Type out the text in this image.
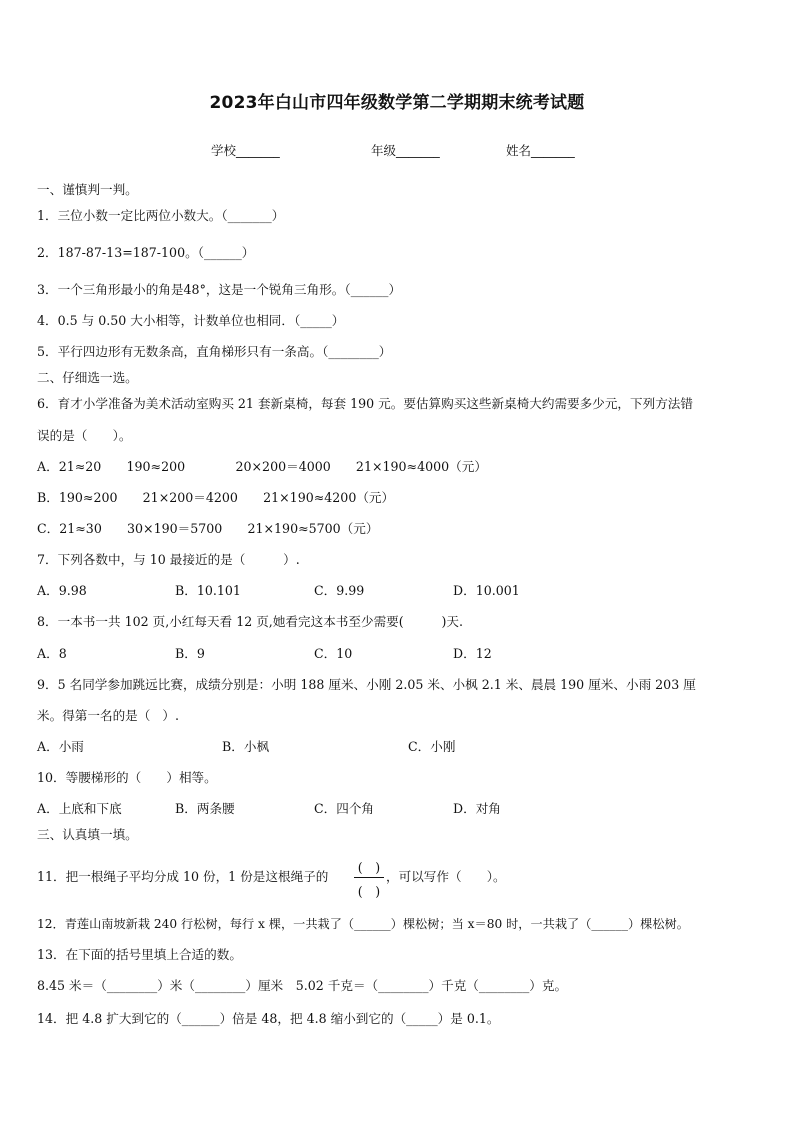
2023年白山市四年级数学第二学期期末统考试题
学校_______	年级_______	姓名_______
一、谨慎判一判。
1．三位小数一定比两位小数大。（_______）
2．187-87-13=187-100。（______）
3．一个三角形最小的角是48°，这是一个锐角三角形。（______）
4．0.5 与 0.50 大小相等，计数单位也相同．（_____）
5．平行四边形有无数条高，直角梯形只有一条高。（________）
二、仔细选一选。
6．育才小学准备为美术活动室购买 21 套新桌椅，每套 190 元。要估算购买这些新桌椅大约需要多少元，下列方法错
误的是（　　）。
A．21≈20　　190≈200　　　　20×200＝4000　　21×190≈4000（元）
B．190≈200　　21×200＝4200　　21×190≈4200（元）
C．21≈30　　30×190＝5700　　21×190≈5700（元）
7．下列各数中，与 10 最接近的是（　　　）.
A．9.98	B．10.101	C．9.99	D．10.001
8．一本书一共 102 页,小红每天看 12 页,她看完这本书至少需要(　　　)天.
A．8	B．9	C．10	D．12
9．5 名同学参加跳远比赛，成绩分别是：小明 188 厘米、小刚 2.05 米、小枫 2.1 米、晨晨 190 厘米、小雨 203 厘
米。得第一名的是（   ）.
A．小雨	B．小枫	C．小刚
10．等腰梯形的（　　）相等。
A．上底和下底	B．两条腰	C．四个角	D．对角
三、认真填一填。
11．把一根绳子平均分成 10 份，1 份是这根绳子的
(　)
(　)
，可以写作（　　）。
12．青莲山南坡新栽 240 行松树，每行 x 棵，一共栽了（______）棵松树；当 x＝80 时，一共栽了（______）棵松树。
13．在下面的括号里填上合适的数。
8.45 米＝（________）米（________）厘米　5.02 千克＝（________）千克（________）克。
14．把 4.8 扩大到它的（______）倍是 48，把 4.8 缩小到它的（_____）是 0.1。
